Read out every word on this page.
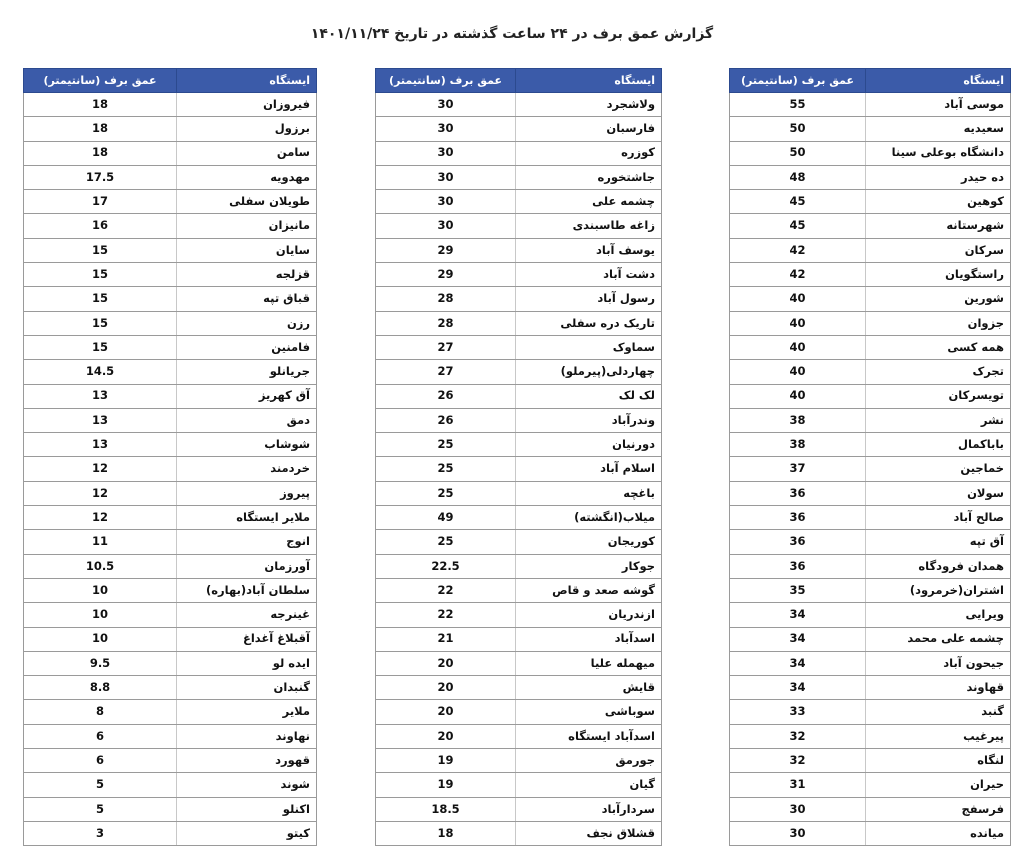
گزارش عمق برف در ۲۴ ساعت گذشته در تاریخ ۱۴۰۱/۱۱/۲۴
ایستگاه	عمق برف (سانتیمتر)
موسی آباد	55
سعیدیه	50
دانشگاه بوعلی سینا	50
ده حیدر	48
کوهین	45
شهرستانه	45
سرکان	42
راستگویان	42
شورین	40
جزوان	40
همه کسی	40
تجرک	40
تویسرکان	40
نشر	38
باباکمال	38
خماجین	37
سولان	36
صالح آباد	36
آق تپه	36
همدان فرودگاه	36
اشتران(خرمرود)	35
ویرایی	34
چشمه علی محمد	34
جیحون آباد	34
قهاوند	34
گنبد	33
پیرغیب	32
لنگاه	32
حیران	31
فرسفج	30
میانده	30
ایستگاه	عمق برف (سانتیمتر)
ولاشجرد	30
فارسبان	30
کوزره	30
جاشتخوره	30
چشمه علی	30
زاغه طاسبندی	30
یوسف آباد	29
دشت آباد	29
رسول آباد	28
تاریک دره سفلی	28
سماوک	27
چهاردلی(پیرملو)	27
لک لک	26
وندرآباد	26
دورنیان	25
اسلام آباد	25
باغچه	25
میلاب(انگشته)	49
کوریجان	25
جوکار	22.5
گوشه صعد و قاص	22
ازندریان	22
اسدآباد	21
میهمله علیا	20
قایش	20
سوباشی	20
اسدآباد ایستگاه	20
جورمق	19
گیان	19
سردارآباد	18.5
قشلاق نجف	18
ایستگاه	عمق برف (سانتیمتر)
فیروزان	18
برزول	18
سامن	18
مهدویه	17.5
طویلان سفلی	17
مانیزان	16
سایان	15
قزلجه	15
قباق تپه	15
رزن	15
فامنین	15
جریانلو	14.5
آق کهریز	13
دمق	13
شوشاب	13
خردمند	12
پیروز	12
ملایر ایستگاه	12
انوج	11
آورزمان	10.5
سلطان آباد(بهاره)	10
غینرجه	10
آقبلاغ آغداغ	10
ایده لو	9.5
گنبدان	8.8
ملایر	8
نهاوند	6
قهورد	6
شوند	5
اکنلو	5
کیتو	3
